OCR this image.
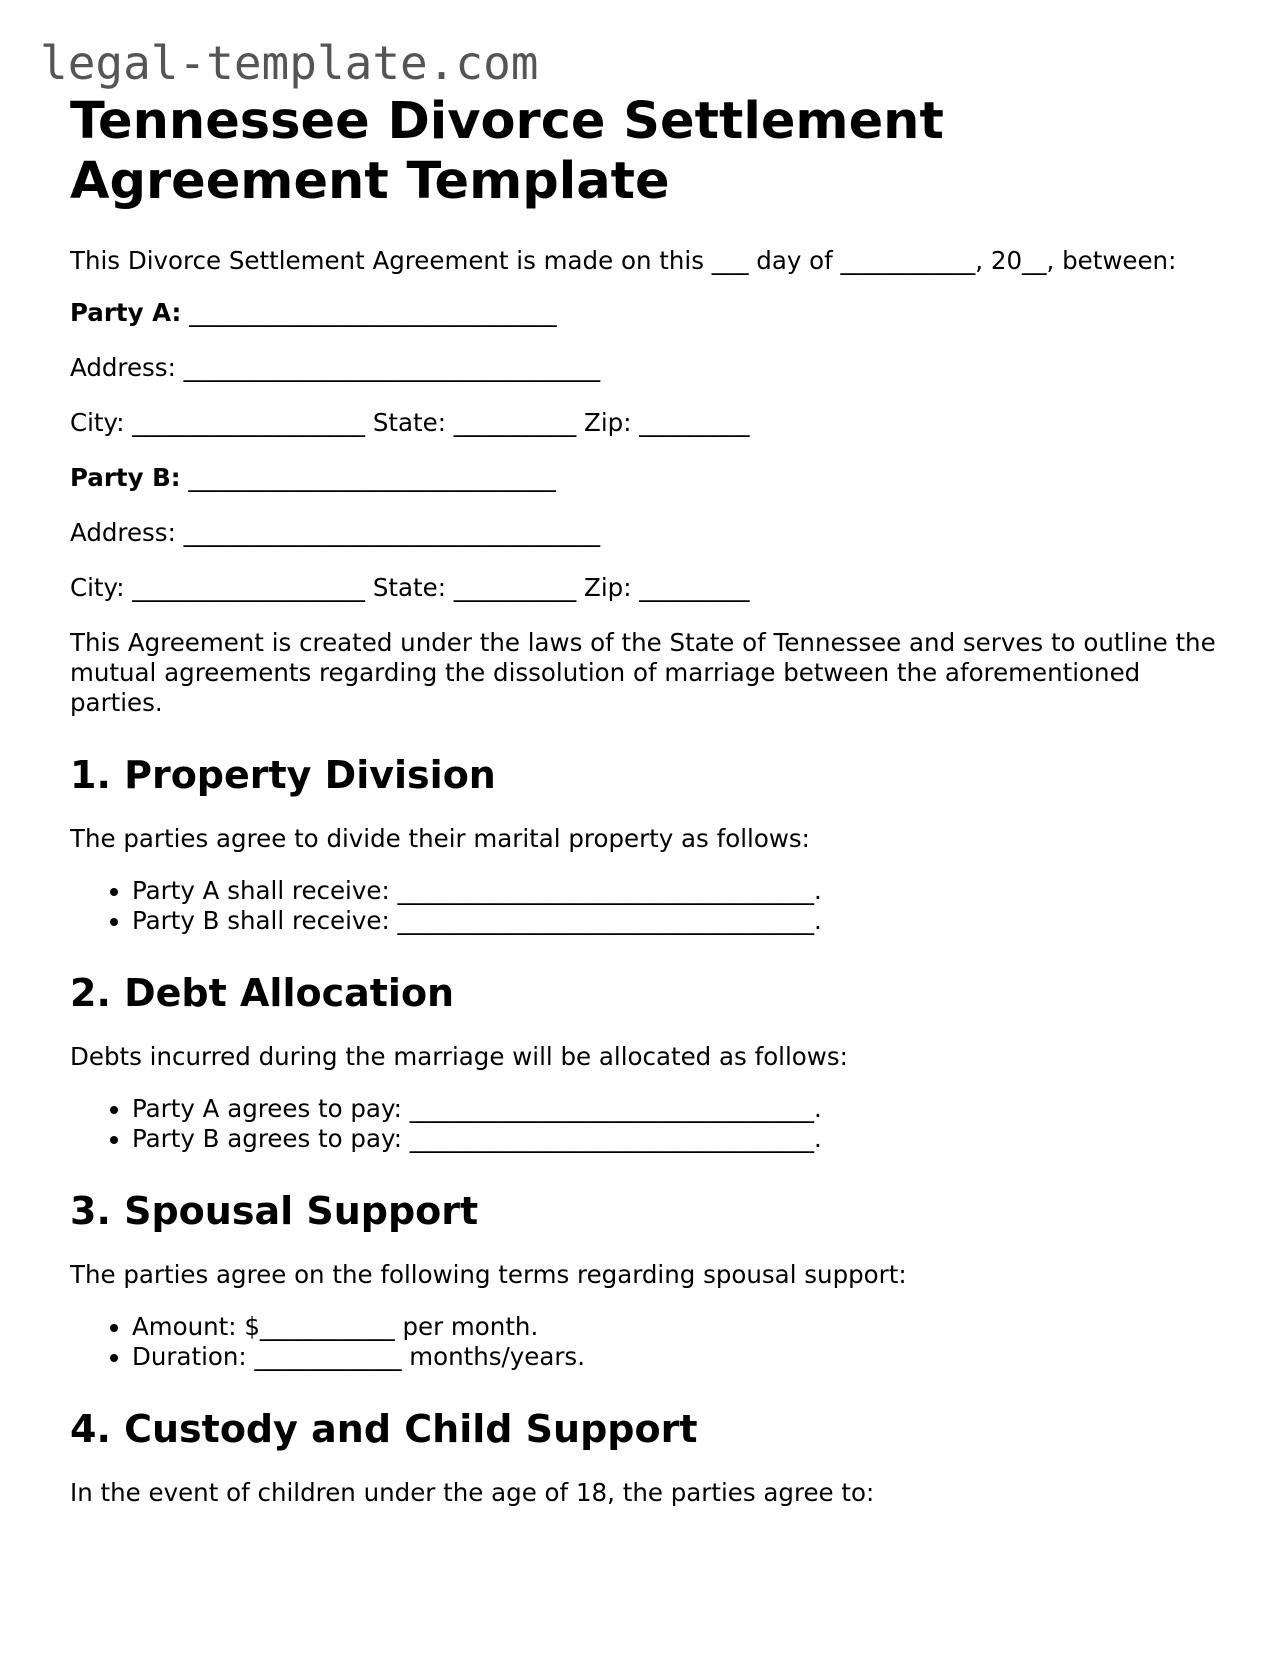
legal-template.com
Tennessee Divorce Settlement Agreement Template

This Divorce Settlement Agreement is made on this ___ day of ___________, 20__, between:

Party A: ______________________________
Address: __________________________________
City: ___________________ State: __________ Zip: _________
Party B: ______________________________
Address: __________________________________
City: ___________________ State: __________ Zip: _________

This Agreement is created under the laws of the State of Tennessee and serves to outline the mutual agreements regarding the dissolution of marriage between the aforementioned parties.

1. Property Division

The parties agree to divide their marital property as follows:

• Party A shall receive: __________________________________.
• Party B shall receive: __________________________________.
2. Debt Allocation

Debts incurred during the marriage will be allocated as follows:

• Party A agrees to pay: _________________________________.
• Party B agrees to pay: _________________________________.
3. Spousal Support

The parties agree on the following terms regarding spousal support:

• Amount: $___________ per month.
• Duration: ____________ months/years.
4. Custody and Child Support

In the event of children under the age of 18, the parties agree to:
